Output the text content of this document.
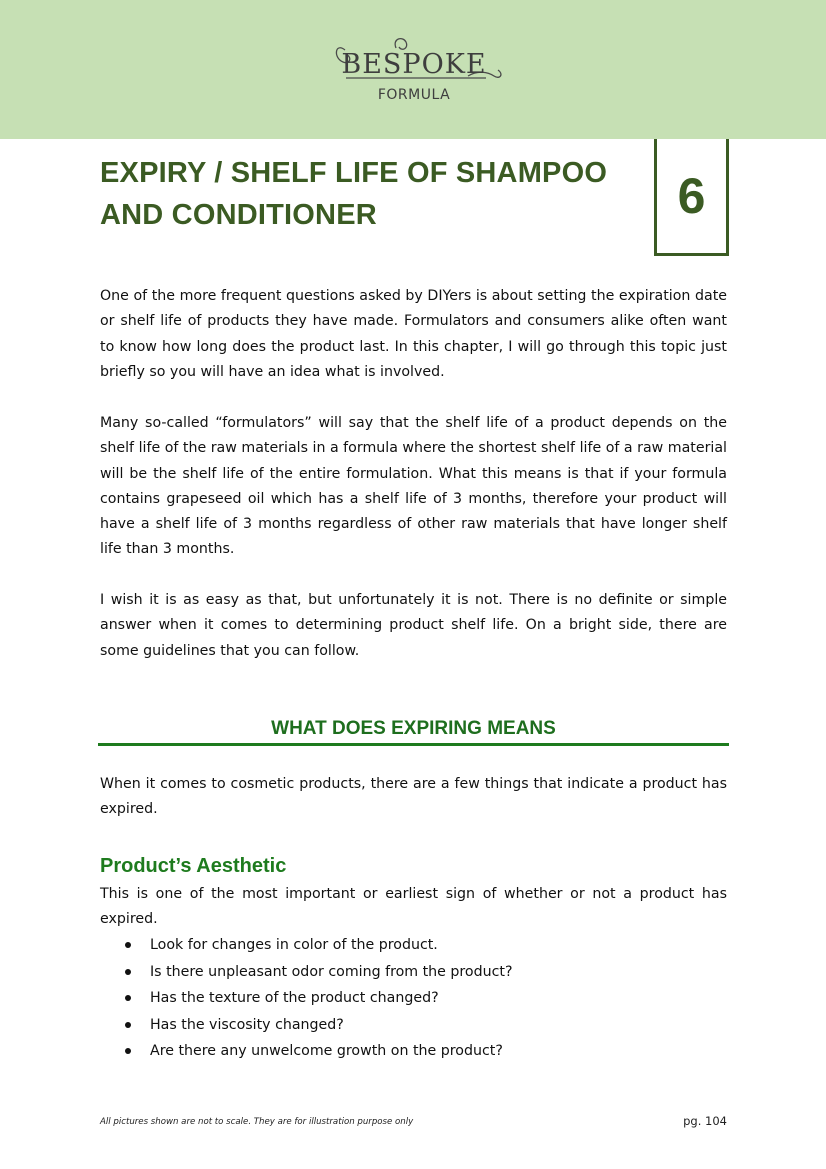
BESPOKE
FORMULA
EXPIRY / SHELF LIFE OF SHAMPOO
AND CONDITIONER	6

One of the more frequent questions asked by DIYers is about setting the expiration date or shelf life of products they have made. Formulators and consumers alike often want to know how long does the product last. In this chapter, I will go through this topic just briefly so you will have an idea what is involved.

Many so-called “formulators” will say that the shelf life of a product depends on the shelf life of the raw materials in a formula where the shortest shelf life of a raw material will be the shelf life of the entire formulation. What this means is that if your formula contains grapeseed oil which has a shelf life of 3 months, therefore your product will have a shelf life of 3 months regardless of other raw materials that have longer shelf life than 3 months.

I wish it is as easy as that, but unfortunately it is not. There is no definite or simple answer when it comes to determining product shelf life. On a bright side, there are some guidelines that you can follow.

WHAT DOES EXPIRING MEANS

When it comes to cosmetic products, there are a few things that indicate a product has expired.

Product’s Aesthetic

This is one of the most important or earliest sign of whether or not a product has expired.

Look for changes in color of the product.
Is there unpleasant odor coming from the product?
Has the texture of the product changed?
Has the viscosity changed?
Are there any unwelcome growth on the product?
All pictures shown are not to scale. They are for illustration purpose only	pg. 104
